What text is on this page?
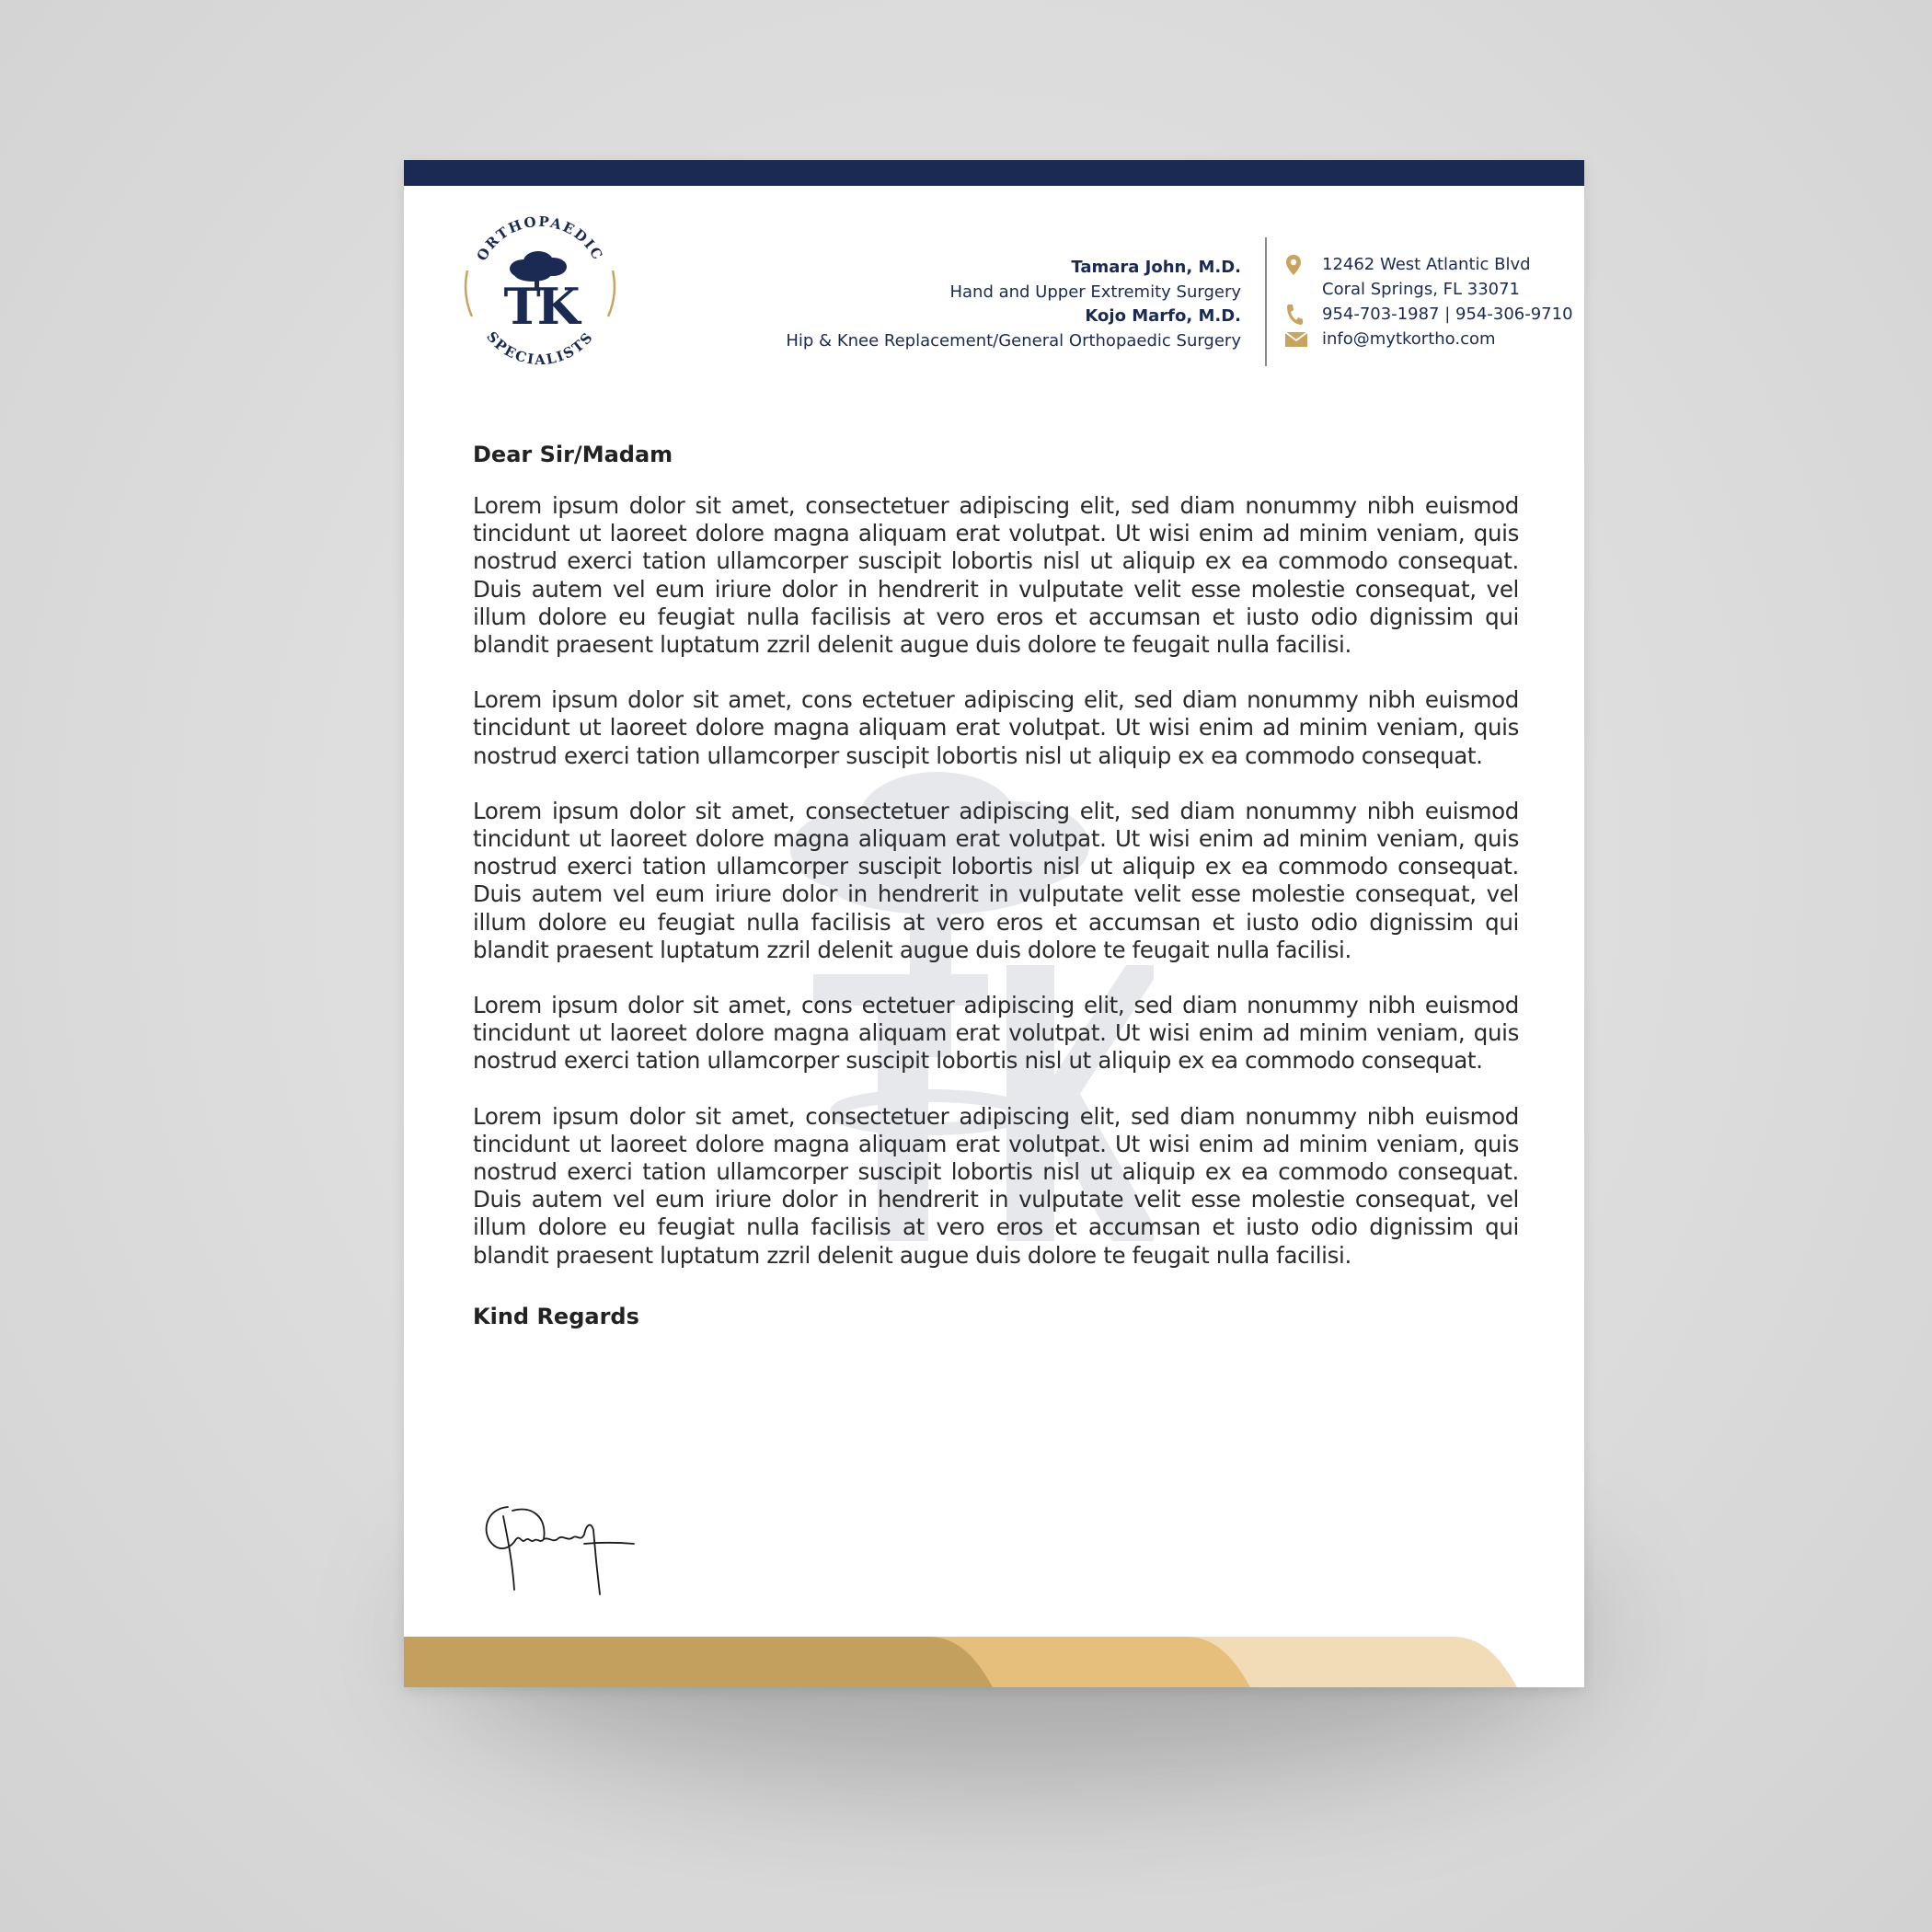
ORTHOPAEDIC
SPECIALISTS
TK
Tamara John, M.D.
Hand and Upper Extremity Surgery
Kojo Marfo, M.D.
Hip & Knee Replacement/General Orthopaedic Surgery
12462 West Atlantic Blvd
Coral Springs, FL 33071
954-703-1987 | 954-306-9710
info@mytkortho.com
Dear Sir/Madam

Lorem ipsum dolor sit amet, consectetuer adipiscing elit, sed diam nonummy nibh euismod tincidunt ut laoreet dolore magna aliquam erat volutpat. Ut wisi enim ad minim veniam, quis nostrud exerci tation ullamcorper suscipit lobortis nisl ut aliquip ex ea commodo consequat. Duis autem vel eum iriure dolor in hendrerit in vulputate velit esse molestie consequat, vel illum dolore eu feugiat nulla facilisis at vero eros et accumsan et iusto odio dignissim qui blandit praesent luptatum zzril delenit augue duis dolore te feugait nulla facilisi.

Lorem ipsum dolor sit amet, cons ectetuer adipiscing elit, sed diam nonummy nibh euismod tincidunt ut laoreet dolore magna aliquam erat volutpat. Ut wisi enim ad minim veniam, quis nostrud exerci tation ullamcorper suscipit lobortis nisl ut aliquip ex ea commodo consequat.

Lorem ipsum dolor sit amet, consectetuer adipiscing elit, sed diam nonummy nibh euismod tincidunt ut laoreet dolore magna aliquam erat volutpat. Ut wisi enim ad minim veniam, quis nostrud exerci tation ullamcorper suscipit lobortis nisl ut aliquip ex ea commodo consequat. Duis autem vel eum iriure dolor in hendrerit in vulputate velit esse molestie consequat, vel illum dolore eu feugiat nulla facilisis at vero eros et accumsan et iusto odio dignissim qui blandit praesent luptatum zzril delenit augue duis dolore te feugait nulla facilisi.

Lorem ipsum dolor sit amet, cons ectetuer adipiscing elit, sed diam nonummy nibh euismod tincidunt ut laoreet dolore magna aliquam erat volutpat. Ut wisi enim ad minim veniam, quis nostrud exerci tation ullamcorper suscipit lobortis nisl ut aliquip ex ea commodo consequat.

Lorem ipsum dolor sit amet, consectetuer adipiscing elit, sed diam nonummy nibh euismod tincidunt ut laoreet dolore magna aliquam erat volutpat. Ut wisi enim ad minim veniam, quis nostrud exerci tation ullamcorper suscipit lobortis nisl ut aliquip ex ea commodo consequat. Duis autem vel eum iriure dolor in hendrerit in vulputate velit esse molestie consequat, vel illum dolore eu feugiat nulla facilisis at vero eros et accumsan et iusto odio dignissim qui blandit praesent luptatum zzril delenit augue duis dolore te feugait nulla facilisi.

Kind Regards
